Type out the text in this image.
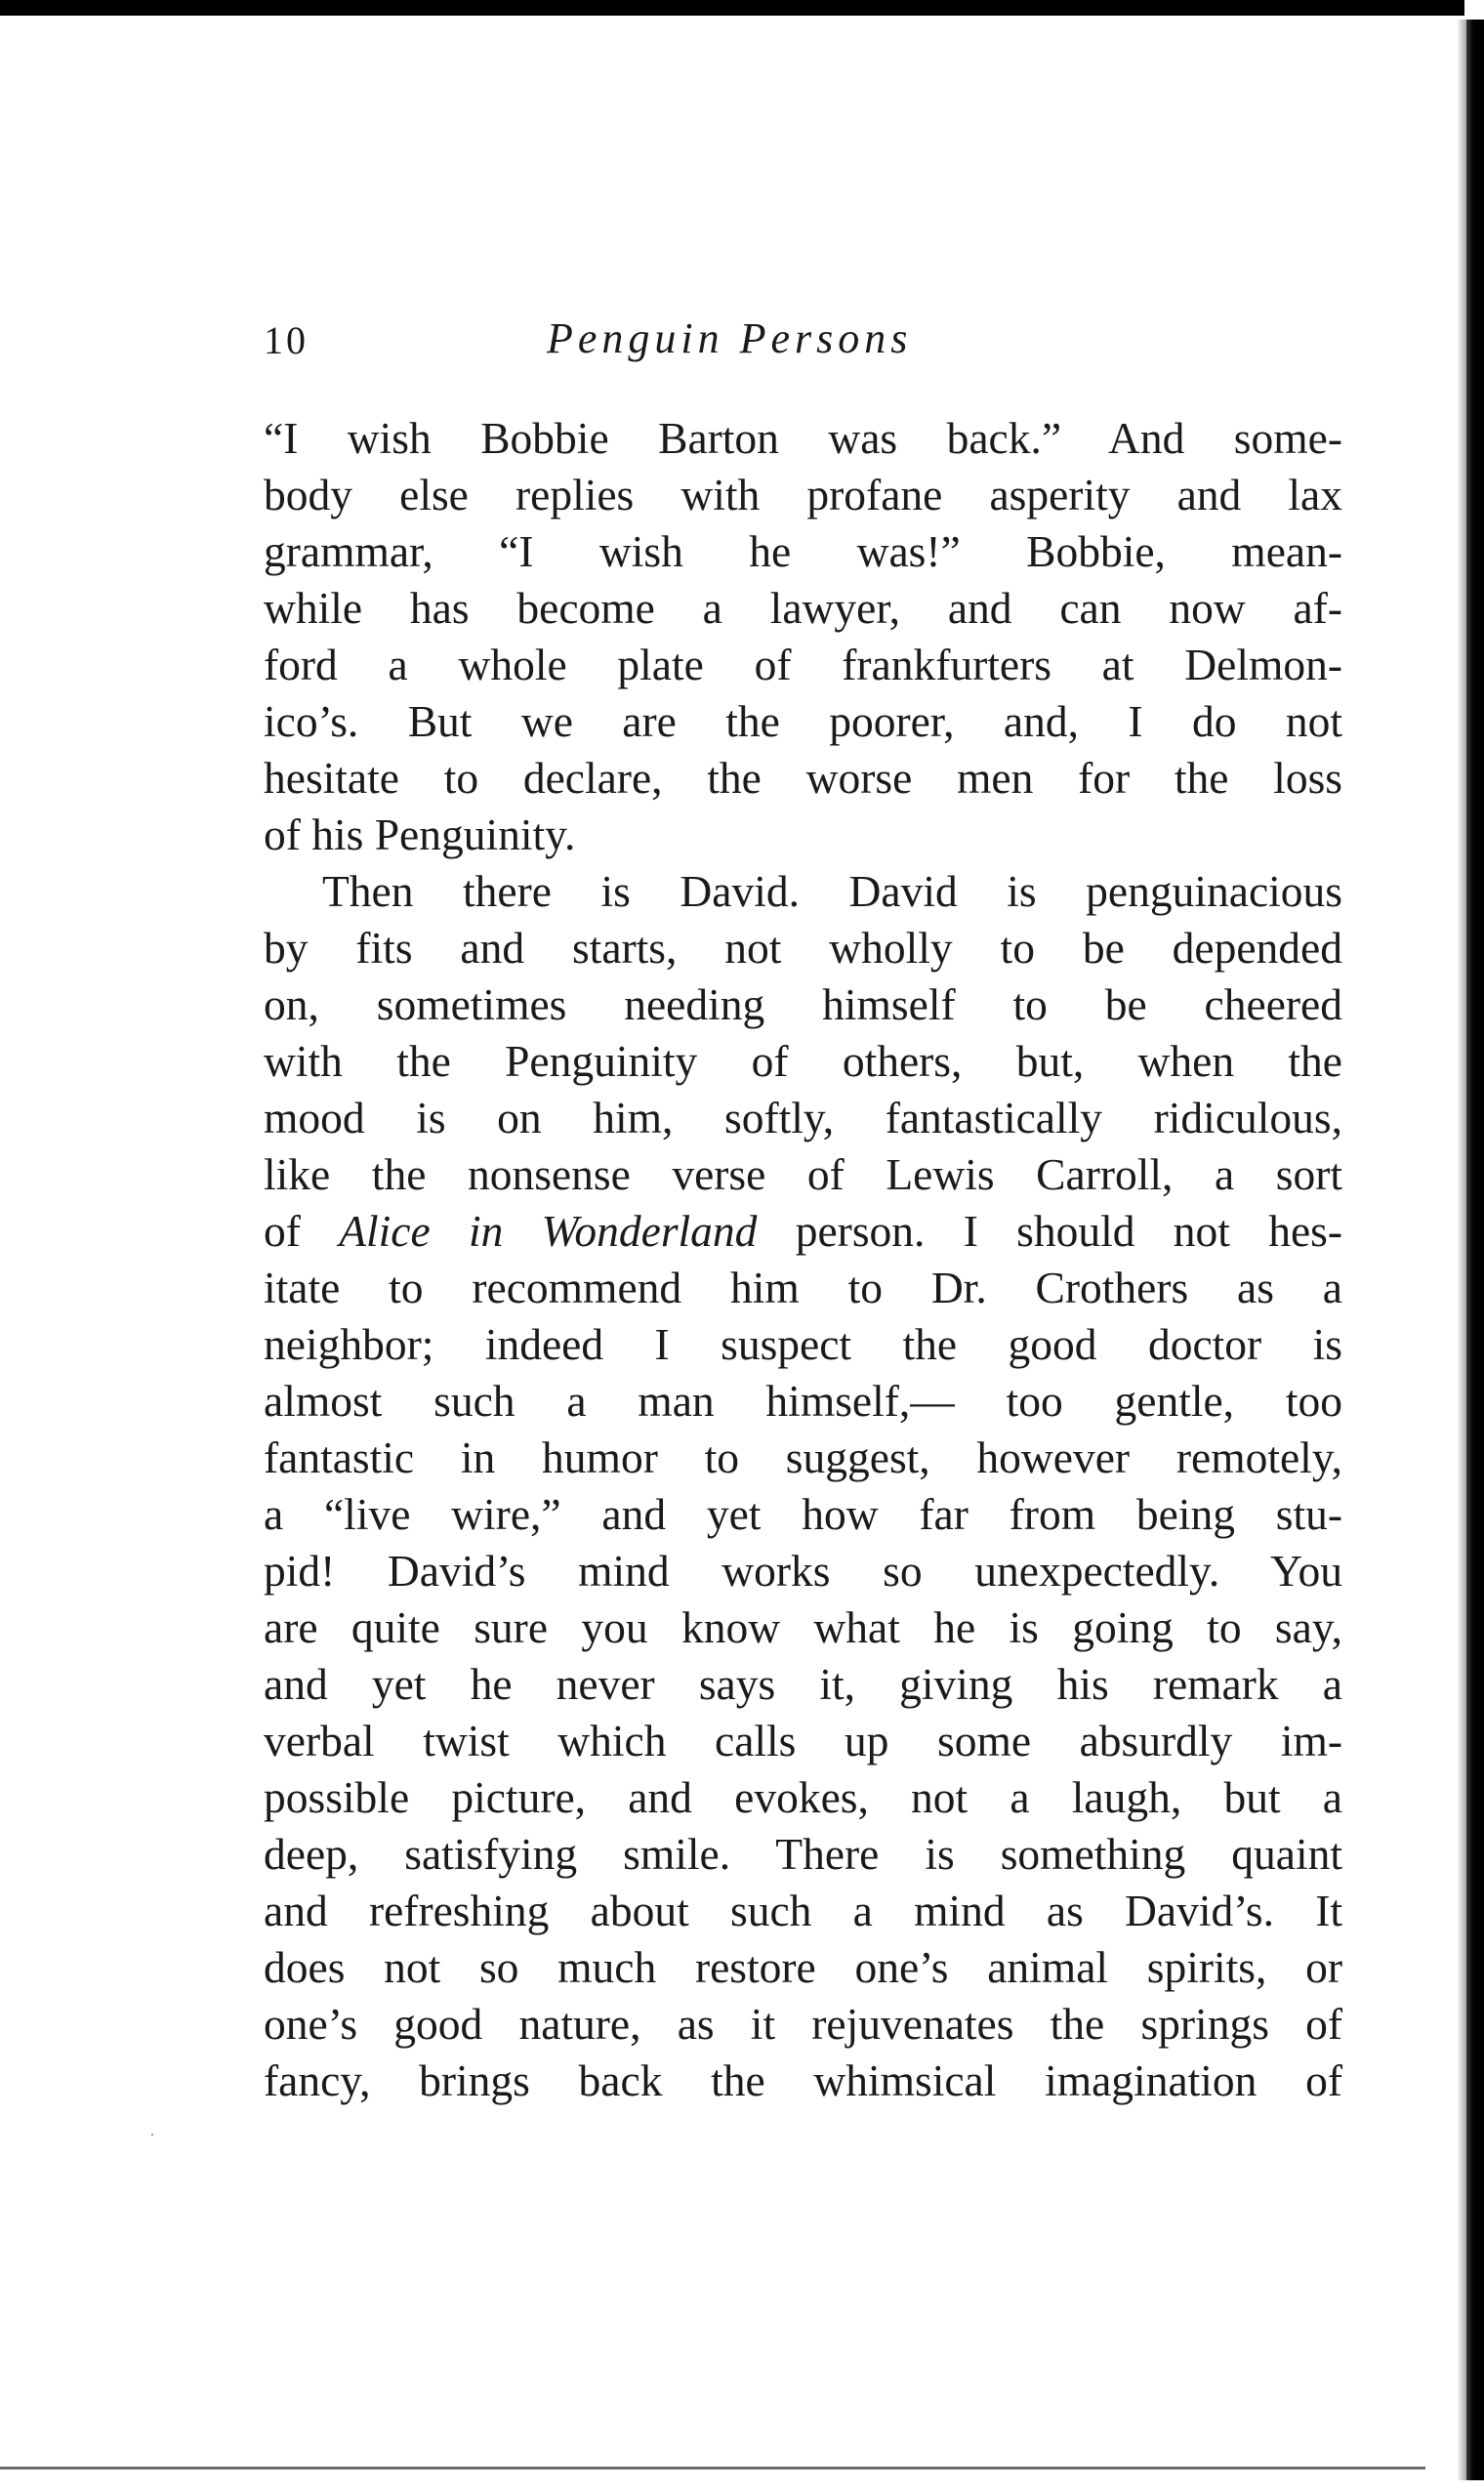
10	Penguin Persons
“I wish Bobbie Barton was back.” And some-
body else replies with profane asperity and lax
grammar, “I wish he was!” Bobbie, mean-
while has become a lawyer, and can now af-
ford a whole plate of frankfurters at Delmon-
ico’s. But we are the poorer, and, I do not
hesitate to declare, the worse men for the loss
of his Penguinity.
Then there is David. David is penguinacious
by fits and starts, not wholly to be depended
on, sometimes needing himself to be cheered
with the Penguinity of others, but, when the
mood is on him, softly, fantastically ridiculous,
like the nonsense verse of Lewis Carroll, a sort
of Alice in Wonderland person. I should not hes-
itate to recommend him to Dr. Crothers as a
neighbor; indeed I suspect the good doctor is
almost such a man himself,— too gentle, too
fantastic in humor to suggest, however remotely,
a “live wire,” and yet how far from being stu-
pid! David’s mind works so unexpectedly. You
are quite sure you know what he is going to say,
and yet he never says it, giving his remark a
verbal twist which calls up some absurdly im-
possible picture, and evokes, not a laugh, but a
deep, satisfying smile. There is something quaint
and refreshing about such a mind as David’s. It
does not so much restore one’s animal spirits, or
one’s good nature, as it rejuvenates the springs of
fancy, brings back the whimsical imagination of
